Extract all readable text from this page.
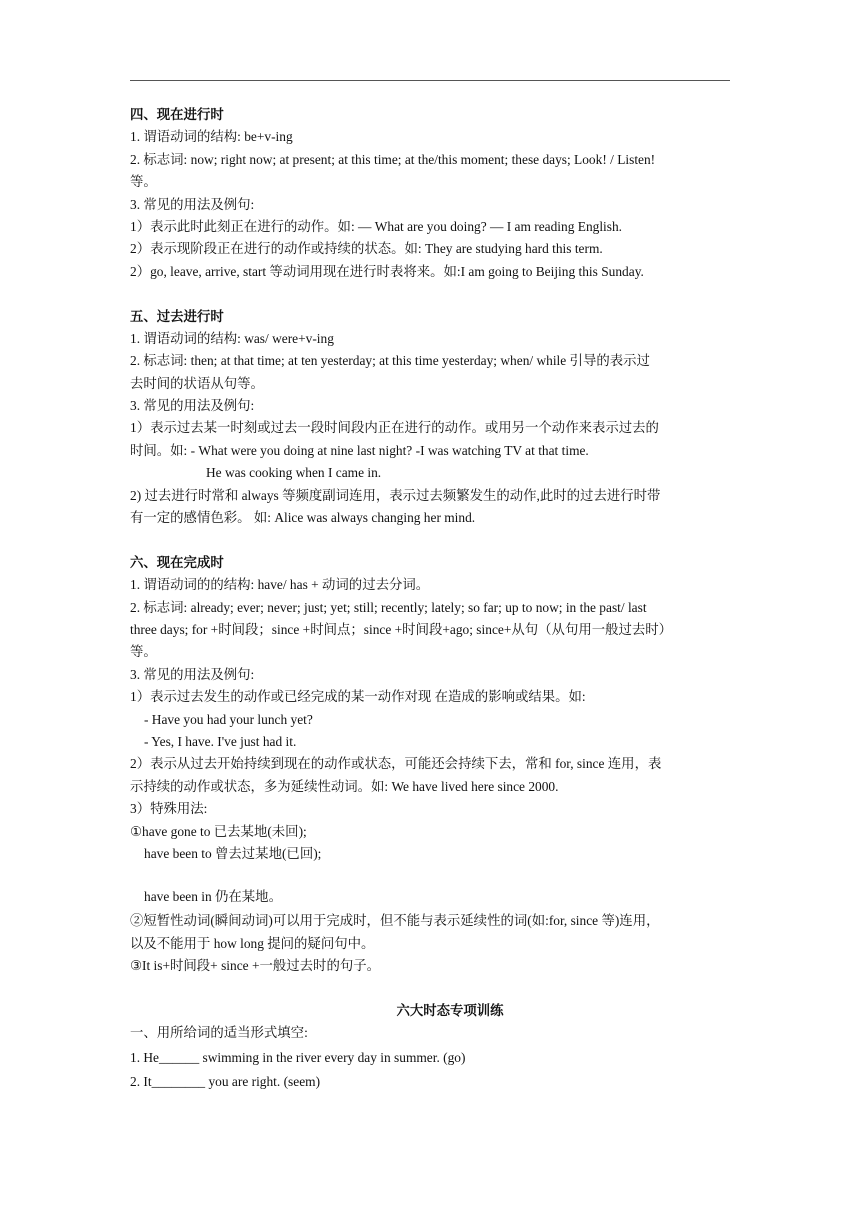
四、现在进行时
1. 谓语动词的结构: be+v-ing
2. 标志词: now; right now; at present; at this time; at the/this moment; these days; Look! / Listen!
等。
3. 常见的用法及例句:
1）表示此时此刻正在进行的动作。如: — What are you doing? — I am reading English.
2）表示现阶段正在进行的动作或持续的状态。如: They are studying hard this term.
2）go, leave, arrive, start 等动词用现在进行时表将来。如:I am going to Beijing this Sunday.
五、过去进行时
1. 谓语动词的结构: was/ were+v-ing
2. 标志词: then; at that time; at ten yesterday; at this time yesterday; when/ while 引导的表示过
去时间的状语从句等。
3. 常见的用法及例句:
1）表示过去某一时刻或过去一段时间段内正在进行的动作。或用另一个动作来表示过去的
时间。如: - What were you doing at nine last night? -I was watching TV at that time.
He was cooking when I came in.
2) 过去进行时常和 always 等频度副词连用，表示过去频繁发生的动作,此时的过去进行时带
有一定的感情色彩。 如: Alice was always changing her mind.
六、现在完成时
1. 谓语动词的的结构: have/ has + 动词的过去分词。
2. 标志词: already; ever; never; just; yet; still; recently; lately; so far; up to now; in the past/ last
three days; for +时间段；since +时间点；since +时间段+ago; since+从句（从句用一般过去时）
等。
3. 常见的用法及例句:
1）表示过去发生的动作或已经完成的某一动作对现 在造成的影响或结果。如:
- Have you had your lunch yet?
- Yes, I have. I've just had it.
2）表示从过去开始持续到现在的动作或状态，可能还会持续下去，常和 for, since 连用，表
示持续的动作或状态，多为延续性动词。如: We have lived here since 2000.
3）特殊用法:
①have gone to 已去某地(未回);
have been to 曾去过某地(已回);
have been in 仍在某地。
②短暂性动词(瞬间动词)可以用于完成时，但不能与表示延续性的词(如:for, since 等)连用，
以及不能用于 how long 提问的疑问句中。
③It is+时间段+ since +一般过去时的句子。
六大时态专项训练
一、用所给词的适当形式填空:
1. He______ swimming in the river every day in summer. (go)
2. It________ you are right. (seem)
